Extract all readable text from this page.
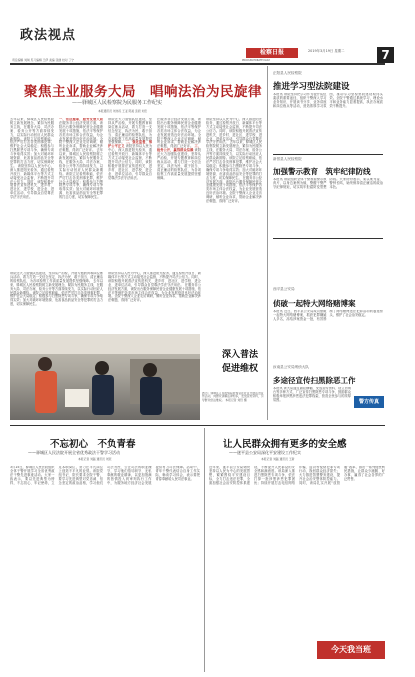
政法视点
责任编辑 刘琪 见习编辑 王伊 美编 张健 校对 丁宁
检察日报
PROCURATORATE DAILY
2019年3月19日 星期二	7
聚焦主业服务大局　唱响法治为民旋律
——驿城区人民检察院为民服务工作纪实
本报通讯员 刘伟民 王亚 陈美 张毅 刘忠
去年以来，驿城区人民检察院树立新发展理念，紧扣为民服务主线，在服务大局、司法办案、检务公开等方面持续发力，以实际行动回应人民群众新期待。该院立足检察职能，依法严厉打击各类刑事犯罪，维护社会大局稳定；积极参与扫黑除恶专项斗争，确保专项斗争取得实效；加大对破坏环境资源、危害食品药品安全等犯罪的打击力度，切实保障民生。 该院坚持以人民为中心，深入推进阳光检务，通过检察开放日、新媒体平台等方式主动接受社会监督，不断提升司法公信力。同时，该院积极开展普法宣传进机关、进乡村、进社区、进学校、进企业、进单位活动，引导群众自觉尊法学法守法用法。
一、依法履职，服务发展大局 在服务非公经济发展方面，该院出台服务保障民营企业健康发展十项措施，依法平等保护各类市场主体合法权益，为企业发展营造良好法治环境。全院干警深入企业走访调研，倾听企业诉求，帮助企业解决涉法难题，得到广泛好评。 去年以来，驿城区人民检察院树立新发展理念，紧扣为民服务主线，在服务大局、司法办案、检务公开等方面持续发力，以实际行动回应人民群众新期待。该院立足检察职能，依法严厉打击各类刑事犯罪，维护社会大局稳定；积极参与扫黑除恶专项斗争，确保专项斗争取得实效；加大对破坏环境资源、危害食品药品安全等犯罪的打击力度，切实保障民生。
该院还大力加强队伍建设，坚持从严治检，开展专题教育和岗位练兵活动，着力打造一支信念坚定、执法为民、敢于担当、清正廉洁的检察队伍，为各项检察工作高质量发展提供坚强保障。 二、强化监督，维护公平正义 该院坚持以人民为中心，深入推进阳光检务，通过检察开放日、新媒体平台等方式主动接受社会监督，不断提升司法公信力。同时，该院积极开展普法宣传进机关、进乡村、进社区、进学校、进企业、进单位活动，引导群众自觉尊法学法守法用法。
在服务非公经济发展方面，该院出台服务保障民营企业健康发展十项措施，依法平等保护各类市场主体合法权益，为企业发展营造良好法治环境。全院干警深入企业走访调研，倾听企业诉求，帮助企业解决涉法难题，得到广泛好评。 三、检务公开，赢得群众信赖 该院还大力加强队伍建设，坚持从严治检，开展专题教育和岗位练兵活动，着力打造一支信念坚定、执法为民、敢于担当、清正廉洁的检察队伍，为各项检察工作高质量发展提供坚强保障。
该院坚持以人民为中心，深入推进阳光检务，通过检察开放日、新媒体平台等方式主动接受社会监督，不断提升司法公信力。同时，该院积极开展普法宣传进机关、进乡村、进社区、进学校、进企业、进单位活动，引导群众自觉尊法学法守法用法。 去年以来，驿城区人民检察院树立新发展理念，紧扣为民服务主线，在服务大局、司法办案、检务公开等方面持续发力，以实际行动回应人民群众新期待。该院立足检察职能，依法严厉打击各类刑事犯罪，维护社会大局稳定；积极参与扫黑除恶专项斗争，确保专项斗争取得实效；加大对破坏环境资源、危害食品药品安全等犯罪的打击力度，切实保障民生。 在服务非公经济发展方面，该院出台服务保障民营企业健康发展十项措施，依法平等保护各类市场主体合法权益，为企业发展营造良好法治环境。全院干警深入企业走访调研，倾听企业诉求，帮助企业解决涉法难题，得到广泛好评。
该院还大力加强队伍建设，坚持从严治检，开展专题教育和岗位练兵活动，着力打造一支信念坚定、执法为民、敢于担当、清正廉洁的检察队伍，为各项检察工作高质量发展提供坚强保障。 去年以来，驿城区人民检察院树立新发展理念，紧扣为民服务主线，在服务大局、司法办案、检务公开等方面持续发力，以实际行动回应人民群众新期待。该院立足检察职能，依法严厉打击各类刑事犯罪，维护社会大局稳定；积极参与扫黑除恶专项斗争，确保专项斗争取得实效；加大对破坏环境资源、危害食品药品安全等犯罪的打击力度，切实保障民生。
该院坚持以人民为中心，深入推进阳光检务，通过检察开放日、新媒体平台等方式主动接受社会监督，不断提升司法公信力。同时，该院积极开展普法宣传进机关、进乡村、进社区、进学校、进企业、进单位活动，引导群众自觉尊法学法守法用法。 在服务非公经济发展方面，该院出台服务保障民营企业健康发展十项措施，依法平等保护各类市场主体合法权益，为企业发展营造良好法治环境。全院干警深入企业走访调研，倾听企业诉求，帮助企业解决涉法难题，得到广泛好评。
图为：驿城区人民检察院检察官在社区开展法治宣传活动，向群众讲解法律知识，发放宣传资料，引导群众依法维权。 本报记者 刘哲 摄
深入普法
促进维权
正阳县人民检察院
推进学习型法院建设
本报讯 该院坚持把学习作为提升队伍素质的重要途径，组织干警深入学习业务知识，开展读书分享、业务讲座和岗位练兵等活动，营造浓厚学习氛围，推动学习型检察院建设取得实效。全院干警通过系统学习，理论水平和业务能力显著提高，执法办案质效不断提升。
新蔡县人民检察院
加强警示教育　筑牢纪律防线
本报讯 该院组织全体干警观看警示教育片，以身边案例为镜，警醒干警严守纪律规矩，切实筑牢拒腐防变思想防线。大家纷纷表示，要以案为鉴、警钟长鸣，始终保持清正廉洁的政治本色。
西平县公安局
侦破一起特大网络赌博案
本报讯 近日，西平县公安局成功侦破一起特大网络赌博案，抓获犯罪嫌疑人多名，冻结涉案资金一批，有效遏制了网络赌博违法犯罪活动的蔓延势头，维护了社会治安稳定。
汝南县公安局刑侦大队
多途径宣传扫黑除恶工作
本报讯 该大队通过悬挂横幅、发放宣传资料、设立咨询台等多种方式，广泛宣传扫黑除恶专项斗争，鼓励群众积极举报涉黑涉恶违法犯罪线索，营造全民参与的浓厚氛围。	警方传真
不忘初心　不负青春
——驿城区人民法院开展全省优秀政法干警学习活动
本报记者 刘磊 通讯员 刘冠
3月15日，驿城区人民法院组织全体干警开展学习全省优秀政法干警先进事迹活动。大家一致表示，要以先进典型为榜样，不忘初心、牢记使命，立足本职岗位，努力在平凡岗位上创造不平凡的业绩。该院党组书记、院长要求全院干警，要学习先进典型对党忠诚、信念坚定的政治品格，学习他们司法为民、公正司法的职业操守，学习他们恪尽职守、无私奉献的敬业精神，以更加饱满的热情投入到审判执行工作中，为服务地方经济社会发展提供有力司法保障。活动中，青年干警代表结合自身工作实际，畅谈学习体会，表示要把青春奉献给人民司法事业。
让人民群众拥有更多的安全感
——遂平县公安局深化平安建设工作纪实
本报记者 刘磊 通讯员 王新
近年来，遂平县公安局始终坚持以人民为中心的发展思想，紧紧围绕平安建设目标，全力打击违法犯罪，全面加强社会治安防控体系建设，不断提升人民群众的安全感和满意度。该局深入推进扫黑除恶专项斗争，依法打掉一批涉黑涉恶犯罪团伙；持续开展打击电信网络诈骗、盗窃等侵财犯罪专项行动，挽回群众经济损失；大力推进智慧警务建设，提升社会治安整体防控能力。同时，该局扎实开展“放管服”改革，推出一系列便民利民措施，让群众少跑腿、好办事，赢得了社会各界的广泛赞誉。
今天我当班
